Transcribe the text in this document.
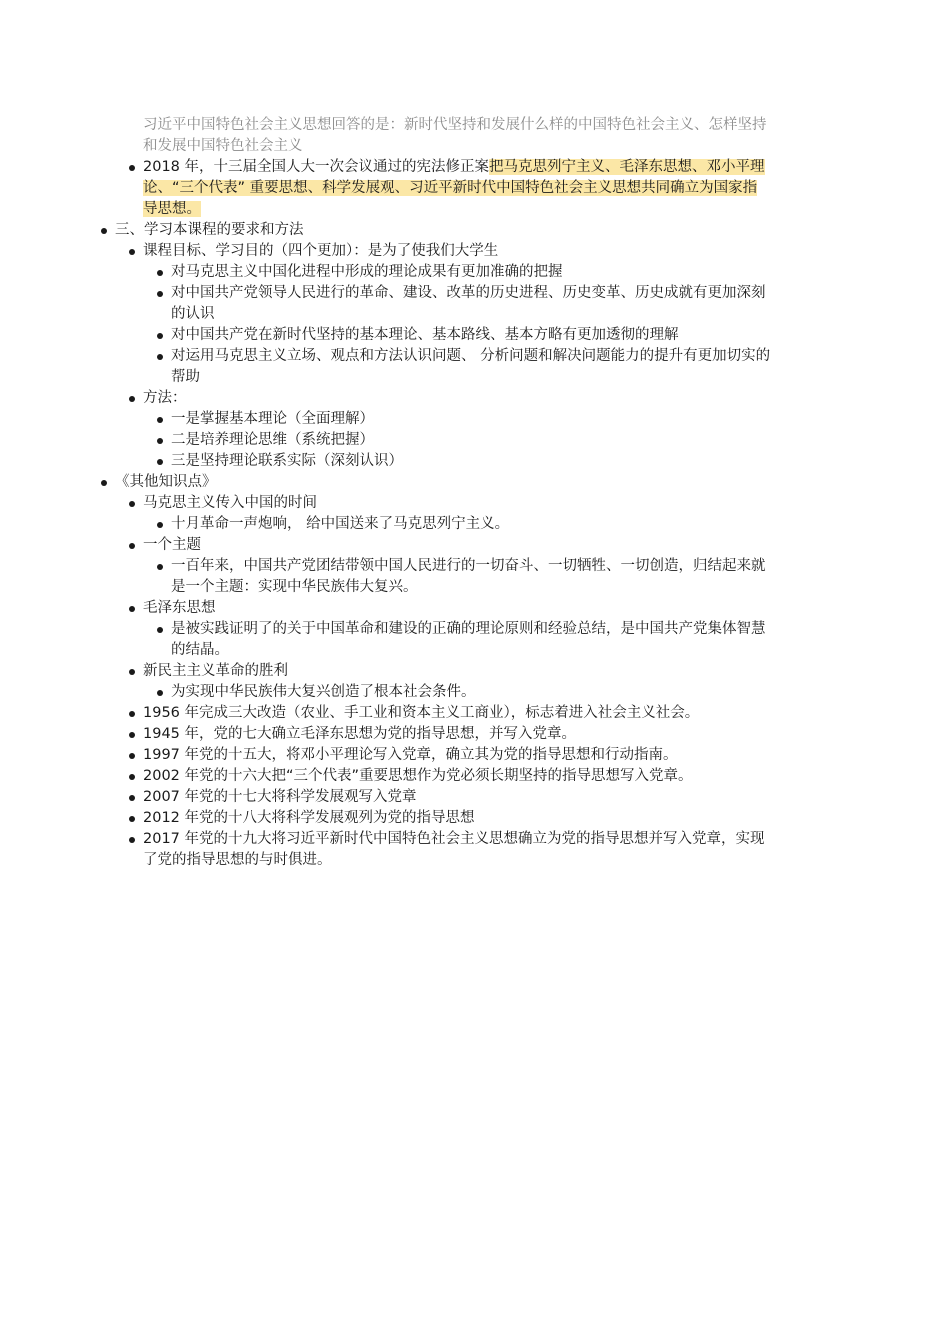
习近平中国特色社会主义思想回答的是：新时代坚持和发展什么样的中国特色社会主义、怎样坚持
和发展中国特色社会主义
2018 年，十三届全国人大一次会议通过的宪法修正案把马克思列宁主义、毛泽东思想、邓小平理
论、“三个代表” 重要思想、科学发展观、习近平新时代中国特色社会主义思想共同确立为国家指
导思想。
三、学习本课程的要求和方法
课程目标、学习目的（四个更加）：是为了使我们大学生
对马克思主义中国化进程中形成的理论成果有更加准确的把握
对中国共产党领导人民进行的革命、建设、改革的历史进程、历史变革、历史成就有更加深刻
的认识
对中国共产党在新时代坚持的基本理论、基本路线、基本方略有更加透彻的理解
对运用马克思主义立场、观点和方法认识问题、 分析问题和解决问题能力的提升有更加切实的
帮助
方法：
一是掌握基本理论（全面理解）
二是培养理论思维（系统把握）
三是坚持理论联系实际（深刻认识）
《其他知识点》
马克思主义传入中国的时间
十月革命一声炮响， 给中国送来了马克思列宁主义。
一个主题
一百年来，中国共产党团结带领中国人民进行的一切奋斗、一切牺牲、一切创造，归结起来就
是一个主题：实现中华民族伟大复兴。
毛泽东思想
是被实践证明了的关于中国革命和建设的正确的理论原则和经验总结，是中国共产党集体智慧
的结晶。
新民主主义革命的胜利
为实现中华民族伟大复兴创造了根本社会条件。
1956 年完成三大改造（农业、手工业和资本主义工商业），标志着进入社会主义社会。
1945 年，党的七大确立毛泽东思想为党的指导思想，并写入党章。
1997 年党的十五大，将邓小平理论写入党章，确立其为党的指导思想和行动指南。
2002 年党的十六大把“三个代表”重要思想作为党必须长期坚持的指导思想写入党章。
2007 年党的十七大将科学发展观写入党章
2012 年党的十八大将科学发展观列为党的指导思想
2017 年党的十九大将习近平新时代中国特色社会主义思想确立为党的指导思想并写入党章，实现
了党的指导思想的与时俱进。
